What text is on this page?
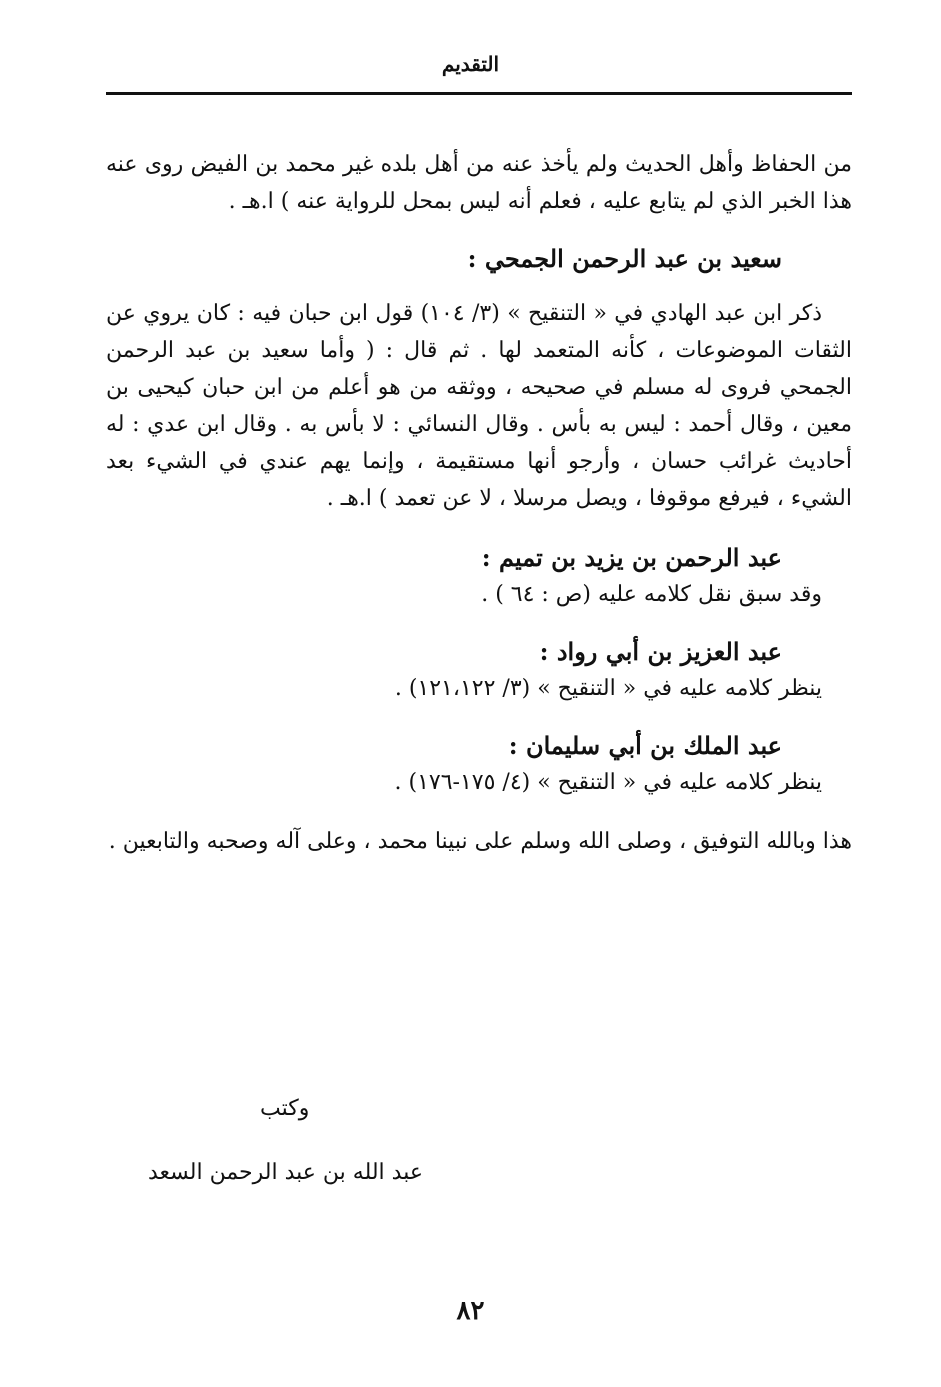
التقديم

من الحفاظ وأهل الحديث ولم يأخذ عنه من أهل بلده غير محمد بن الفيض روى عنه هذا الخبر الذي لم يتابع عليه ، فعلم أنه ليس بمحل للرواية عنه ) ا.هـ .

سعيد بن عبد الرحمن الجمحي :

ذكر ابن عبد الهادي في « التنقيح » (٣/ ١٠٤) قول ابن حبان فيه : كان يروي عن الثقات الموضوعات ، كأنه المتعمد لها . ثم قال : ( وأما سعيد بن عبد الرحمن الجمحي فروى له مسلم في صحيحه ، ووثقه من هو أعلم من ابن حبان كيحيى بن معين ، وقال أحمد : ليس به بأس . وقال النسائي : لا بأس به . وقال ابن عدي : له أحاديث غرائب حسان ، وأرجو أنها مستقيمة ، وإنما يهم عندي في الشيء بعد الشيء ، فيرفع موقوفا ، ويصل مرسلا ، لا عن تعمد ) ا.هـ .

عبد الرحمن بن يزيد بن تميم :

وقد سبق نقل كلامه عليه (ص : ٦٤ ) .

عبد العزيز بن أبي رواد :

ينظر كلامه عليه في « التنقيح » (٣/ ١٢١،١٢٢) .

عبد الملك بن أبي سليمان :

ينظر كلامه عليه في « التنقيح » (٤/ ١٧٥-١٧٦) .

هذا وبالله التوفيق ، وصلى الله وسلم على نبينا محمد ، وعلى آله وصحبه والتابعين .

وكتب
عبد الله بن عبد الرحمن السعد
٨٢
